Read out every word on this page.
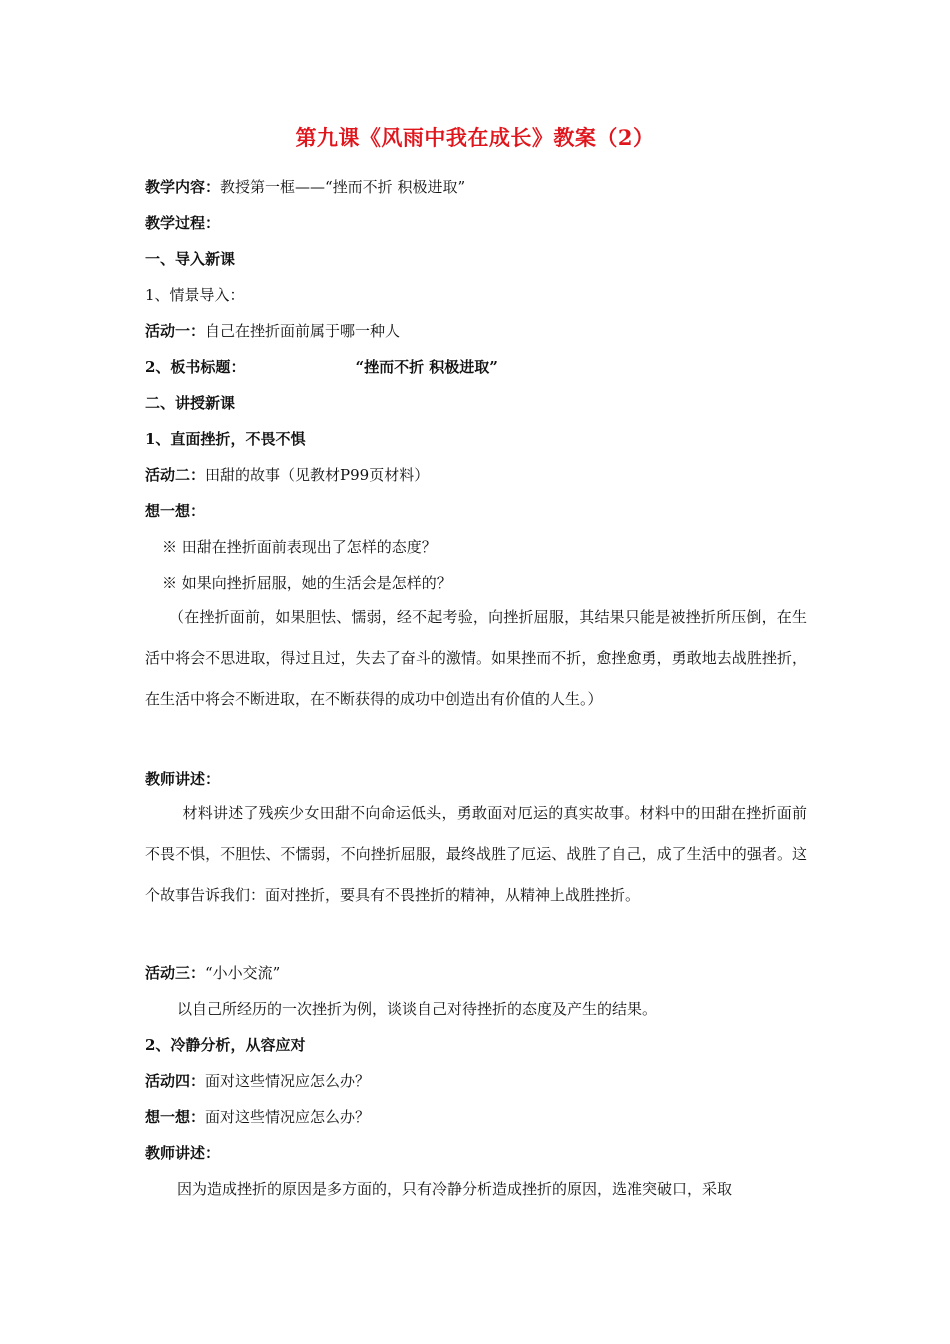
第九课《风雨中我在成长》教案（2）
教学内容：教授第一框——“挫而不折 积极进取”
教学过程：
一、导入新课
1、情景导入：
活动一：自己在挫折面前属于哪一种人
2、板书标题：	“挫而不折 积极进取”
二、讲授新课
1、直面挫折，不畏不惧
活动二：田甜的故事（见教材P99页材料）
想一想：
※ 田甜在挫折面前表现出了怎样的态度？
※ 如果向挫折屈服，她的生活会是怎样的？
（在挫折面前，如果胆怯、懦弱，经不起考验，向挫折屈服，其结果只能是被挫折所压倒，在生活中将会不思进取，得过且过，失去了奋斗的激情。如果挫而不折，愈挫愈勇，勇敢地去战胜挫折，在生活中将会不断进取，在不断获得的成功中创造出有价值的人生。）
教师讲述：
材料讲述了残疾少女田甜不向命运低头，勇敢面对厄运的真实故事。材料中的田甜在挫折面前不畏不惧，不胆怯、不懦弱，不向挫折屈服，最终战胜了厄运、战胜了自己，成了生活中的强者。这个故事告诉我们：面对挫折，要具有不畏挫折的精神，从精神上战胜挫折。
活动三：“小小交流”
以自己所经历的一次挫折为例，谈谈自己对待挫折的态度及产生的结果。
2、冷静分析，从容应对
活动四：面对这些情况应怎么办？
想一想：面对这些情况应怎么办？
教师讲述：
因为造成挫折的原因是多方面的，只有冷静分析造成挫折的原因，选准突破口，采取
